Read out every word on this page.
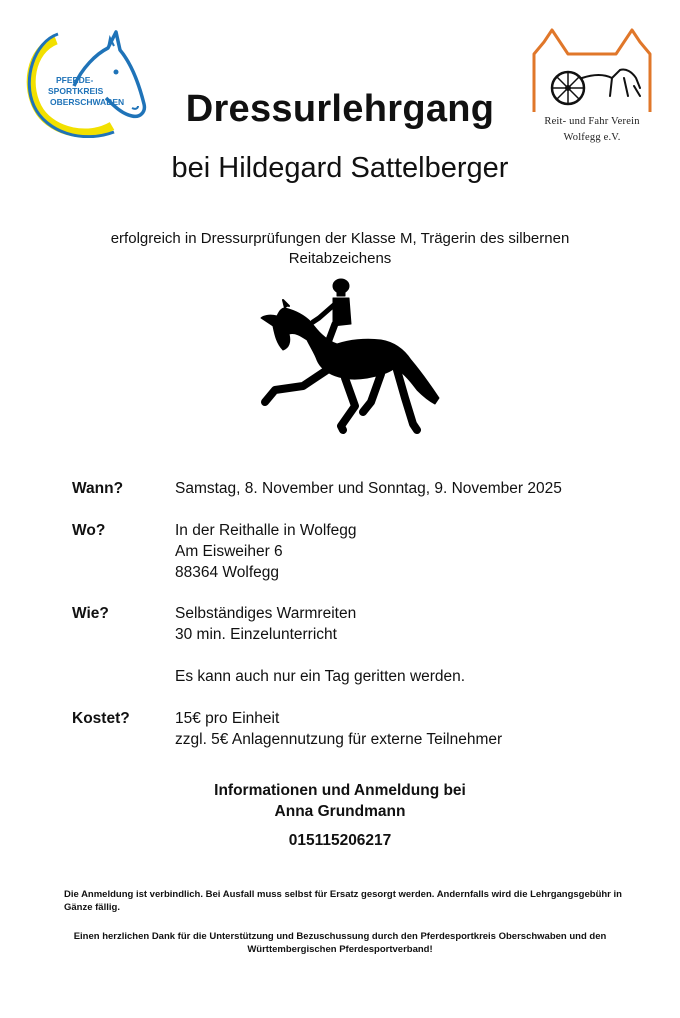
PFERDE-
SPORTKREIS
OBERSCHWABEN
Reit- und Fahr Verein
Wolfegg e.V.
Dressurlehrgang
bei Hildegard Sattelberger
erfolgreich in Dressurprüfungen der Klasse M, Trägerin des silbernen Reitabzeichens
Wann?	Samstag, 8. November und Sonntag, 9. November 2025
Wo?	In der Reithalle in Wolfegg
Am Eisweiher 6
88364 Wolfegg
Wie?	Selbständiges Warmreiten
30 min. Einzelunterricht
Es kann auch nur ein Tag geritten werden.
Kostet?	15€ pro Einheit
zzgl. 5€ Anlagennutzung für externe Teilnehmer
Informationen und Anmeldung bei
Anna Grundmann
015115206217
Die Anmeldung ist verbindlich. Bei Ausfall muss selbst für Ersatz gesorgt werden. Andernfalls wird die Lehrgangsgebühr in Gänze fällig.
Einen herzlichen Dank für die Unterstützung und Bezuschussung durch den Pferdesportkreis Oberschwaben und den Württembergischen Pferdesportverband!
